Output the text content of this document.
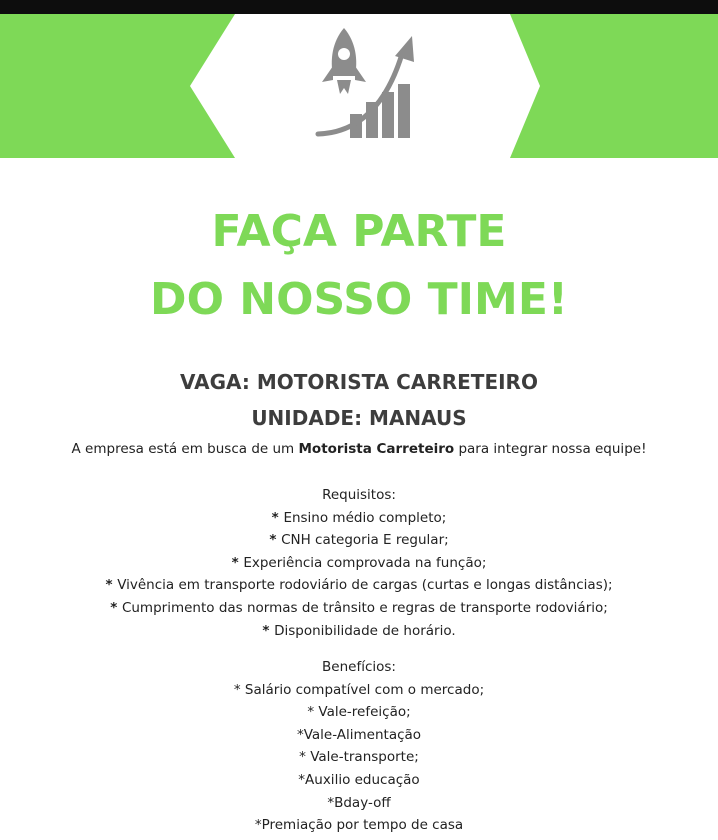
FAÇA PARTE
DO NOSSO TIME!
VAGA: MOTORISTA CARRETEIRO
UNIDADE: MANAUS
A empresa está em busca de um Motorista Carreteiro para integrar nossa equipe!
Requisitos:
* Ensino médio completo;
* CNH categoria E regular;
* Experiência comprovada na função;
* Vivência em transporte rodoviário de cargas (curtas e longas distâncias);
* Cumprimento das normas de trânsito e regras de transporte rodoviário;
* Disponibilidade de horário.
Benefícios:
* Salário compatível com o mercado;
* Vale-refeição;
*Vale-Alimentação
* Vale-transporte;
*Auxilio educação
*Bday-off
*Premiação por tempo de casa
